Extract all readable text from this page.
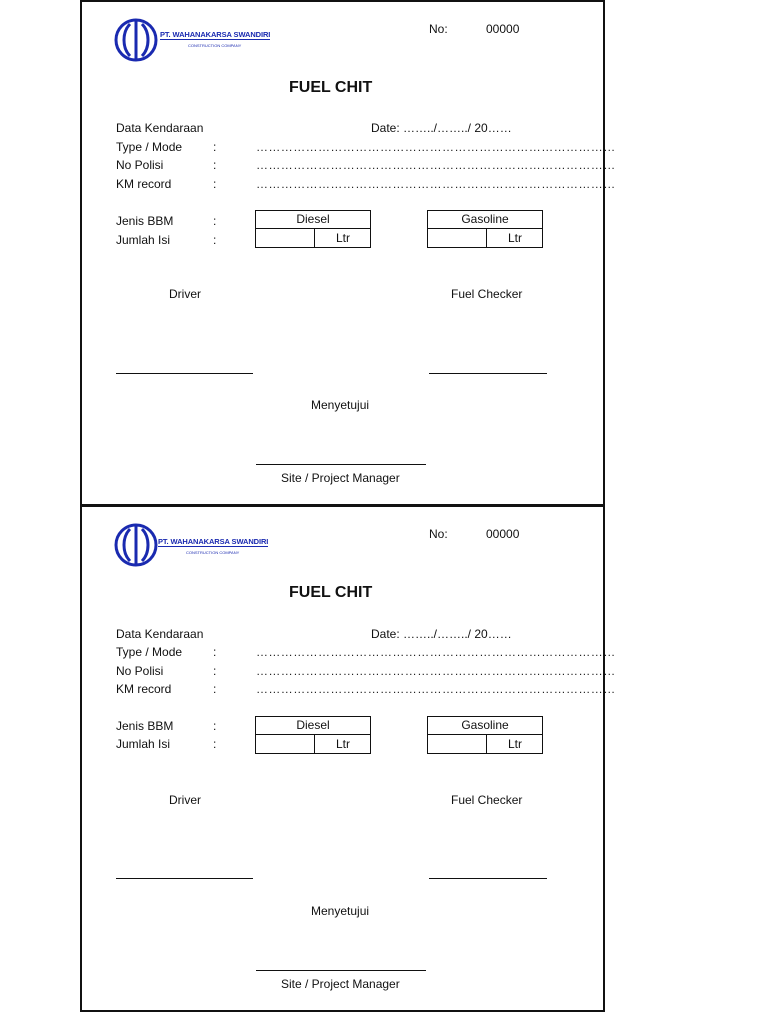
PT. WAHANAKARSA SWANDIRI
CONSTRUCTION COMPANY
No:	00000
FUEL CHIT
Data Kendaraan	Date: ……../……../ 20……
Type / Mode	:	……………………………………………………………………………
No Polisi	:	……………………………………………………………………………
KM record	:	……………………………………………………………………………
Jenis BBM	:
Jumlah Isi	:
Diesel
Ltr
Gasoline
Ltr
Driver	Fuel Checker
Menyetujui
Site / Project Manager
PT. WAHANAKARSA SWANDIRI
CONSTRUCTION COMPANY
No:	00000
FUEL CHIT
Data Kendaraan	Date: ……../……../ 20……
Type / Mode	:	……………………………………………………………………………
No Polisi	:	……………………………………………………………………………
KM record	:	……………………………………………………………………………
Jenis BBM	:
Jumlah Isi	:
Diesel
Ltr
Gasoline
Ltr
Driver	Fuel Checker
Menyetujui
Site / Project Manager
